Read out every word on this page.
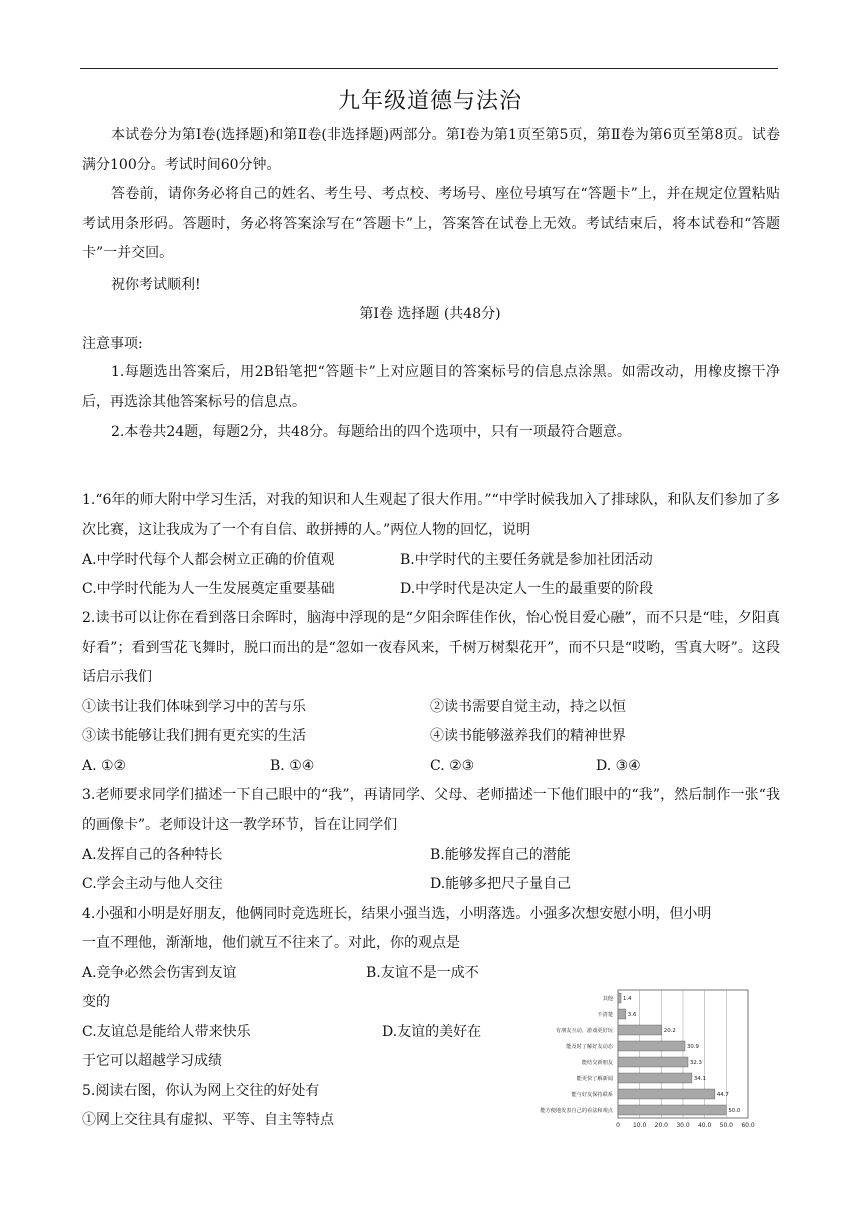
九年级道德与法治
本试卷分为第Ⅰ卷(选择题)和第Ⅱ卷(非选择题)两部分。第Ⅰ卷为第1页至第5页，第Ⅱ卷为第6页至第8页。试卷满分100分。考试时间60分钟。
答卷前，请你务必将自己的姓名、考生号、考点校、考场号、座位号填写在“答题卡”上，并在规定位置粘贴考试用条形码。答题时，务必将答案涂写在“答题卡”上，答案答在试卷上无效。考试结束后，将本试卷和“答题卡”一并交回。
祝你考试顺利!
第Ⅰ卷 选择题 (共48分)
注意事项:
1.每题选出答案后，用2B铅笔把“答题卡”上对应题目的答案标号的信息点涂黑。如需改动，用橡皮擦干净后，再选涂其他答案标号的信息点。
2.本卷共24题，每题2分，共48分。每题给出的四个选项中，只有一项最符合题意。
1.“6年的师大附中学习生活，对我的知识和人生观起了很大作用。”“中学时候我加入了排球队，和队友们参加了多次比赛，这让我成为了一个有自信、敢拼搏的人。”两位人物的回忆，说明
A.中学时代每个人都会树立正确的价值观	B.中学时代的主要任务就是参加社团活动
C.中学时代能为人一生发展奠定重要基础	D.中学时代是决定人一生的最重要的阶段
2.读书可以让你在看到落日余晖时，脑海中浮现的是“夕阳余晖佳作伙，怡心悦目爱心融”，而不只是“哇，夕阳真好看”；看到雪花飞舞时，脱口而出的是“忽如一夜春风来，千树万树梨花开”，而不只是“哎哟，雪真大呀”。这段话启示我们
①读书让我们体味到学习中的苦与乐	②读书需要自觉主动，持之以恒
③读书能够让我们拥有更充实的生活	④读书能够滋养我们的精神世界
A. ①②	B. ①④	C. ②③	D. ③④
3.老师要求同学们描述一下自己眼中的“我”，再请同学、父母、老师描述一下他们眼中的“我”，然后制作一张“我的画像卡”。老师设计这一教学环节，旨在让同学们
A.发挥自己的各种特长	B.能够发挥自己的潜能
C.学会主动与他人交往	D.能够多把尺子量自己
4.小强和小明是好朋友，他俩同时竞选班长，结果小强当选，小明落选。小强多次想安慰小明，但小明
一直不理他，渐渐地，他们就互不往来了。对此，你的观点是
A.竞争必然会伤害到友谊	B.友谊不是一成不
变的
C.友谊总是能给人带来快乐	D.友谊的美好在
于它可以超越学习成绩
5.阅读右图，你认为网上交往的好处有
①网上交往具有虚拟、平等、自主等特点	0 10.0 20.0 30.0 40.0 50.0 60.0
其他 1.4
不清楚	3.6
有朋友互动，游戏更好玩	20.2
能及时了解好友动态	30.9
能结交新朋友	32.3
能更快了解新闻	34.1
能与好友保持联系	44.7
能方便地发表自己的看法和观点	50.0
